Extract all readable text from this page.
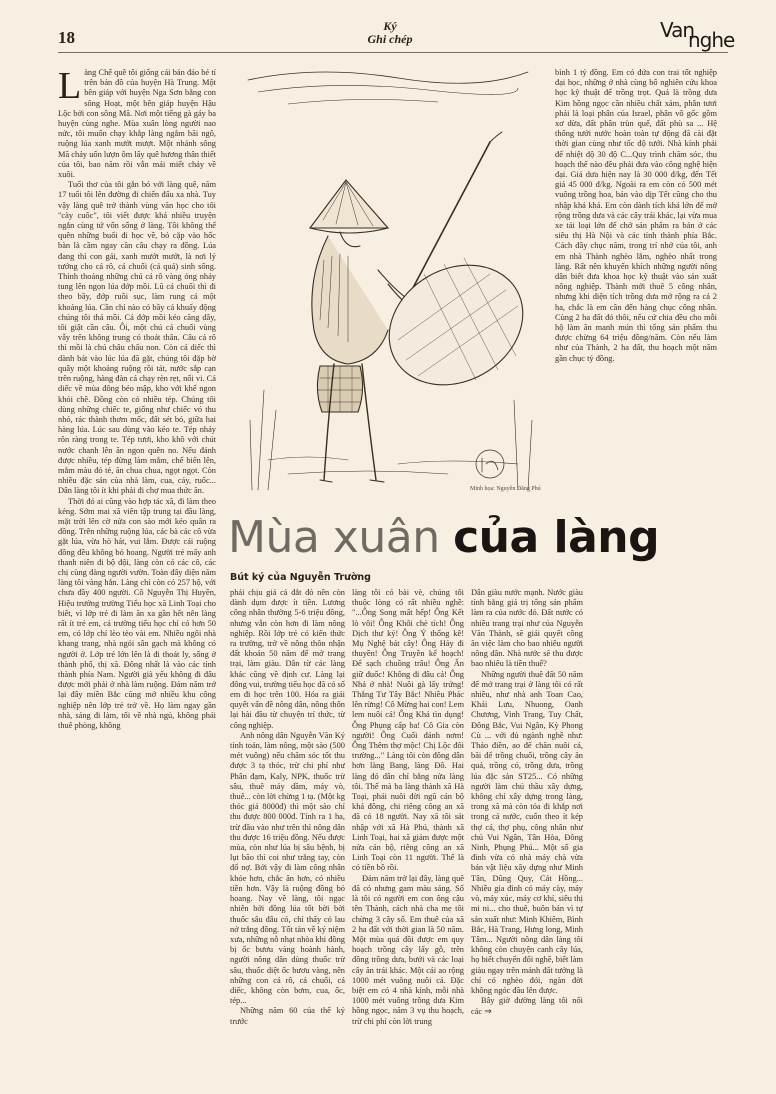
18
Ký
Ghi chép	Van
nghe

Làng Chế quê tôi giống cái bán đảo bé tí trên bản đồ của huyện Hà Trung. Một bên giáp với huyện Nga Sơn bằng con sông Hoạt, một bên giáp huyện Hậu Lộc bởi con sông Mã. Nơi một tiếng gà gáy ba huyện cùng nghe. Mùa xuân lòng người nao nức, tôi muốn chạy khắp làng ngắm bãi ngô, ruộng lúa xanh mướt mượt. Một nhánh sông Mã chảy uốn lượn ôm lấy quê hương thân thiết của tôi, bao năm rồi vẫn mải miết chảy về xuôi.

Tuổi thơ của tôi gắn bó với làng quê, năm 17 tuổi tôi lên đường đi chiến đấu xa nhà. Tuy vậy làng quê trở thành vùng văn học cho tôi "cày cuốc", tôi viết được khá nhiều truyện ngắn cùng tứ vốn sống ở làng. Tôi không thể quên những buổi đi học về, bỏ cặp vào hốc bàn là cầm ngay cần câu chạy ra đồng. Lúa đang thì con gái, xanh mướt mướt, là nơi lý tưởng cho cá rô, cá chuối (cá quả) sinh sống. Thỉnh thoảng những chú cá rô vàng óng nhảy tung lên ngọn lúa đớp mồi. Lũ cá chuối thì đi theo bầy, đớp ruồi sục, làm rung cả một khoảng lúa. Cần chỉ nào có bầy cá khuấy động chúng tôi thả mồi. Cá đớp mồi kéo căng dây, tôi giật cần câu. Ôi, một chú cá chuối vùng vẫy trên không trung có thoát thân. Câu cá rô thì mồi là chú châu chấu non. Còn cá diếc thì dành bát vào lúc lúa đã gặt, chúng tôi đặp bờ quây một khoảng ruộng rồi tát, nước sắp cạn trên ruộng, hàng đàn cá chạy rèn rẹt, nổi vi. Cá diếc về mùa đông béo mập, kho với khế ngon khỏi chê. Đồng còn có nhiều tép. Chúng tôi dùng những chiếc te, giống như chiếc vó thu nhỏ, rác thành thơm mốc, đất sét bó, giữa hai hàng lúa. Lúc sau dùng vào kéo te. Tép nhảy rôn ràng trong te. Tép tươi, kho khô với chút nước chanh lên ăn ngon quên no. Nếu đánh được nhiều, tép đừng làm mắm, chế biến lên, mắm màu đỏ tẻ, ăn chua chua, ngọt ngọt. Còn nhiều đặc sản của nhà làm, cua, cáy, ruốc... Dân làng tôi ít khi phải đi chợ mua thức ăn.

Thời đó ai cũng vào hợp tác xã, đi làm theo kẻng. Sớm mai xã viên tập trung tại đầu làng, mặt trời lên cờ nửa con sào mới kéo quân ra đồng. Trên những ruộng lúa, các bà các cô vừa gặt lúa, vừa hò hát, vui lắm. Được cái ruộng đồng đều không bỏ hoang. Người trẻ mấy anh thanh niên đi bộ đội, làng còn có các cô, các chị cùng đàng người vườn. Toàn đây diện năm làng tôi vàng hắn. Làng chỉ còn có 257 hộ, với chưa đầy 400 người. Cô Nguyễn Thị Huyền, Hiệu trưởng trường Tiểu học xã Linh Toại cho biết, vì lớp trẻ đi làm ăn xa gần hết nên làng rất ít trẻ em, cả trường tiểu học chỉ có hơn 50 em, có lớp chỉ lèo tèo vài em. Nhiều ngôi nhà khang trang, nhà ngói sân gạch mà không có người ở. Lớp trẻ lớn lên là đi thoát ly, sống ở thành phố, thị xã. Đông nhất là vào các tỉnh thành phía Nam. Người già yếu không đi đâu được mới phải ở nhà làm ruộng. Đảm năm trở lại đây miền Bắc cũng mở nhiều khu công nghiệp nên lớp trẻ trở về. Họ làm ngay gần nhà, sáng đi làm, tối về nhà ngủ, không phải thuê phòng, không

Minh họa: Nguyễn Đăng Phú

bình 1 tỷ đồng. Em có đứa con trai tốt nghiệp đại học, những ở nhà cùng bố nghiên cứu khoa học kỹ thuật để trồng trọt. Quả là trồng dưa Kim hồng ngọc cần nhiều chất xám, phân tươi phải là loại phân của Israel, phân vô gốc gồm xơ dừa, đất phân trùn quế, đất phù sa ... Hệ thống tưới nước hoàn toàn tự động đã cài đặt thời gian cùng như tốc độ tưới. Nhà kính phải để nhiệt độ 30 độ C...Quy trình chăm sóc, thu hoạch thế nào đều phải đưa vào công nghệ hiện đại. Giá dưa hiện nay là 30 000 đ/kg, đến Tết giá 45 000 đ/kg. Ngoài ra em còn có 500 mét vuông trồng hoa, bán vào dịp Tết cũng cho thu nhập khá khá. Em còn dành tích khá lớn để mở rộng trồng dưa và các cây trái khác, lại vừa mua xe tải loại lớn để chở sản phẩm ra bán ở các siêu thị Hà Nội và các tỉnh thành phía Bắc. Cách đây chục năm, trong trí nhớ của tôi, anh em nhà Thành nghèo lắm, nghèo nhất trong làng. Rất nên khuyến khích những người nông dân biết đưa khoa học kỹ thuật vào sản xuất nông nghiệp. Thành mới thuê 5 công nhân, nhưng khi diện tích trồng dưa mở rộng ra cả 2 ha, chắc là em cần đến hàng chục công nhân. Cùng 2 ha đất đó thôi, nếu cứ chia đều cho mỗi hộ làm ăn manh mún thì tổng sản phẩm thu được chừng 64 triệu đồng/năm. Còn nếu làm như của Thành, 2 ha đất, thu hoạch một năm gần chục tỷ đồng.

Mùa xuân của làng
Bút ký của Nguyễn Trường

phải chịu giá cả đắt đỏ nên còn dành dụm được ít tiền. Lương công nhân thường 5-6 triệu đồng, nhưng vẫn còn hơn đi làm nông nghiệp. Rồi lớp trẻ có kiến thức ra trường, trở về nông thôn nhận đất khoán 50 năm để mở trang trại, làm giàu. Dân từ các làng khác cũng về định cư. Làng lại đông vui, trường tiểu học đã có số em đi học trên 100. Hóa ra giải quyết vấn đề nông dân, nông thôn lại hài đầu từ chuyện trí thức, từ công nghiệp.

Anh nông dân Nguyễn Văn Kỷ tỉnh toán, làm nông, một sào (500 mét vuông) nếu chăm sóc tốt thu được 3 tạ thóc, trừ chi phí như Phân đạm, Kaly, NPK, thuốc trừ sâu, thuê máy dầm, máy vò, thuê... còn lời chừng 1 tạ. (Một kg thóc giá 8000đ) thì một sào chỉ thu được 800 000đ. Tính ra 1 ha, trừ đầu vào như trên thì nông dân thu được 16 triệu đồng. Nếu được mùa, còn như lúa bị sâu bệnh, bị lụt bão thì coi như trắng tay, còn đổ nợ. Bởi vậy đi làm công nhân khỏe hơn, chắc ăn hơn, có nhiều tiền hơn. Vậy là ruộng đồng bỏ hoang. Nay về làng, tôi ngạc nhiên bởi đồng lúa tốt bời bời thuốc sâu đâu có, chỉ thấy cỏ lau nở trắng đồng. Tốt tàn về ký niệm xưa, những nỗ nhạt nhòa khi đồng bị ốc bươu vàng hoành hành, người nông dân dùng thuốc trừ sâu, thuốc diệt ốc bươu vàng, nên những con cá rô, cá chuối, cá diếc, không còn bơm, cua, ốc, tép...

Những năm 60 của thế kỷ trước

làng tôi có bài vè, chúng tôi thuộc lòng có rất nhiều nghề: "...Ông Song mất hếp! Ông Kết lò vôi! Ông Khôi chè tích! Ông Dịch thư ký! Ông Ý thống kê! Mụ Nghệ bát cây! Ông Hảy đi thuyền! Ông Truyền kế hoạch! Để sạch chuồng trâu! Ông Ấn giữ đuốc! Không đi đâu cả! Ông Nhả ở nhà! Nuôi gà lấy trứng! Thắng Tư Tây Bắc! Nhiều Phác lên rừng! Cô Mừng hai con! Lem lem nuôi cá! Ông Khả tìn dụng! Ông Phụng cấp ba! Cô Gia còn người! Ông Cuối đánh nơm! Ông Thêm thợ mộc! Chị Lộc đôi trường..." Làng tôi còn đông dân hơn làng Bang, làng Đô. Hai làng đó dân chỉ bằng nửa làng tôi. Thế mà ba làng thành xã Hà Toại, phải nuôi đời ngũ cán bộ khá đông, chi riêng công an xã đã có 18 người. Nay xã tôi sát nhập với xã Hà Phú, thành xã Linh Toại, hai xã giảm được một nửa cán bộ, riêng công an xã Linh Toại còn 11 người. Thế là có tiền bồ rồi.

Đảm năm trở lại đây, làng quê đã có nhưng gam màu sáng. Số là tôi có người em con ông cậu tên Thành, cách nhà cha mẹ tôi chừng 3 cây số. Em thuê của xã 2 ha đất với thời gian là 50 năm. Một mùa quá đồi được em quy hoạch trồng cây lấy gỗ, trên đồng trồng dưa, bưởi và các loại cây ăn trái khác. Một cái ao rộng 1000 mét vuông nuôi cá. Đặc biệt em có 4 nhà kính, mỗi nhà 1000 mét vuông trồng dưa Kim hồng ngọc, năm 3 vụ thu hoạch, trừ chi phí còn lời trung

Dân giàu nước mạnh. Nước giàu tính bằng giá trị tổng sản phẩm làm ra của nước đó. Đất nước có nhiều trang trại như của Nguyễn Văn Thành, sẽ giải quyết công ăn việc làm cho bao nhiêu người nông dân. Nhà nước sẽ thu được bao nhiêu là tiền thuế?

Những người thuê đất 50 năm để mở trang trại ở làng tôi có rất nhiều, như nhà anh Toan Cao, Khải Lưu, Nhuong, Oanh Chương, Vinh Trang, Tuy Chất, Đông Bắc, Vui Ngân, Kỳ Phong Cù ... với đủ ngành nghề như: Thảo điền, ao để chăn nuôi cá, bãi để trồng chuối, trồng cây ăn quả, trồng cỏ, trồng dưa, trồng lúa đặc sản ST25... Có những người làm chủ thầu xây dựng, không chỉ xây dựng trong làng, trong xã mà còn tỏa đi khắp nơi trong cả nước, cuốn theo ít kép thợ cả, thợ phụ, công nhân như chủ Vui Ngân, Tân Hòa, Đông Ninh, Phụng Phú... Một số gia đình vừa có nhà máy chà vừa bán vật liệu xây dựng như Minh Tân, Dũng Quy, Cát Hồng... Nhiều gia đình có máy cày, máy vò, máy xúc, máy cơ khí, siêu thị mi ni... cho thuê, buôn bán vì tự sản xuất như: Minh Khiêm, Bình Bắc, Hà Trang, Hưng long, Minh Tâm... Người nông dân làng tôi không còn chuyện canh cây lúa, họ biết chuyển đổi nghề, biết làm giàu ngay trên mảnh đất tưởng là chỉ có nghèo đói, ngàn đời không ngóc đầu lên được.

Bây giờ đường làng tôi nối các ⇒
